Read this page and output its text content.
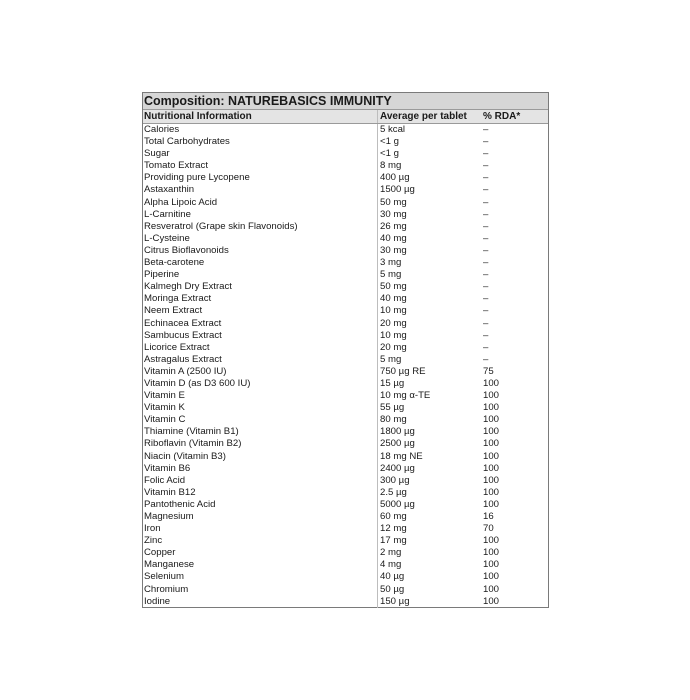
Composition: NATUREBASICS IMMUNITY
Nutritional Information	Average per tablet	% RDA*
Calories	5 kcal	–
Total Carbohydrates	<1 g	–
Sugar	<1 g	–
Tomato Extract	8 mg	–
Providing pure Lycopene	400 µg	–
Astaxanthin	1500 µg	–
Alpha Lipoic Acid	50 mg	–
L-Carnitine	30 mg	–
Resveratrol (Grape skin Flavonoids)	26 mg	–
L-Cysteine	40 mg	–
Citrus Bioflavonoids	30 mg	–
Beta-carotene	3 mg	–
Piperine	5 mg	–
Kalmegh Dry Extract	50 mg	–
Moringa Extract	40 mg	–
Neem Extract	10 mg	–
Echinacea Extract	20 mg	–
Sambucus Extract	10 mg	–
Licorice Extract	20 mg	–
Astragalus Extract	5 mg	–
Vitamin A (2500 IU)	750 µg RE	75
Vitamin D (as D3 600 IU)	15 µg	100
Vitamin E	10 mg α-TE	100
Vitamin K	55 µg	100
Vitamin C	80 mg	100
Thiamine (Vitamin B1)	1800 µg	100
Riboflavin (Vitamin B2)	2500 µg	100
Niacin (Vitamin B3)	18 mg NE	100
Vitamin B6	2400 µg	100
Folic Acid	300 µg	100
Vitamin B12	2.5 µg	100
Pantothenic Acid	5000 µg	100
Magnesium	60 mg	16
Iron	12 mg	70
Zinc	17 mg	100
Copper	2 mg	100
Manganese	4 mg	100
Selenium	40 µg	100
Chromium	50 µg	100
Iodine	150 µg	100
